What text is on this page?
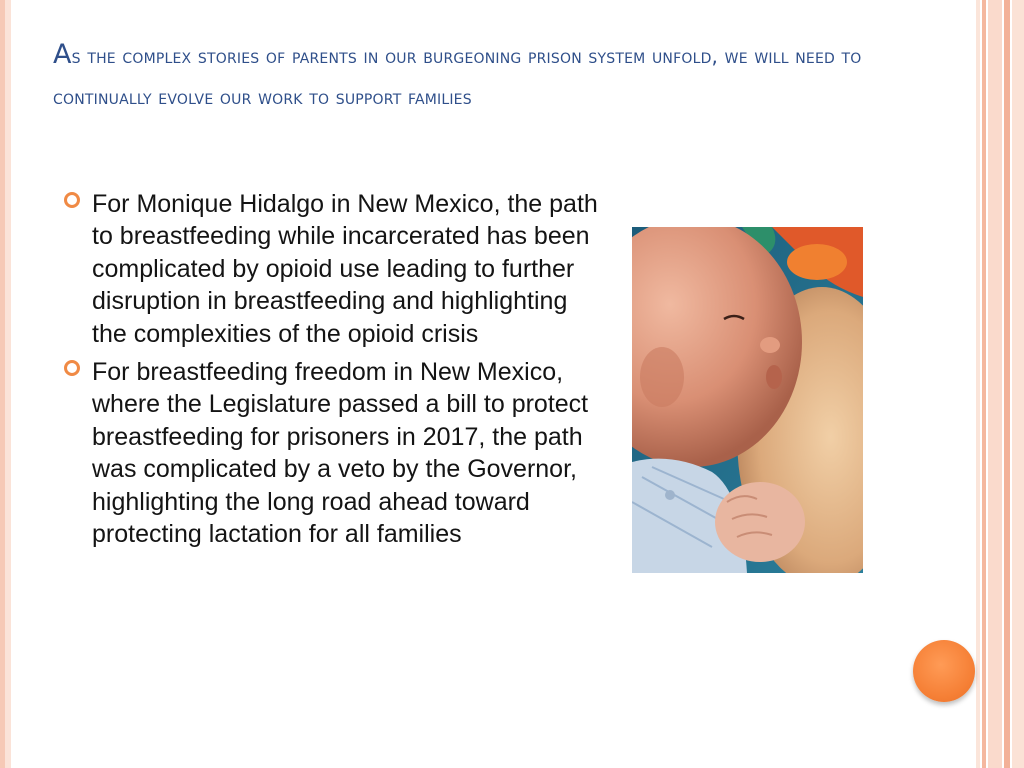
As the complex stories of parents in our burgeoning prison system unfold, we will need to continually evolve our work to support families
For Monique Hidalgo in New Mexico, the path to breastfeeding while incarcerated has been complicated by opioid use leading to further disruption in breastfeeding and highlighting the complexities of the opioid crisis
For breastfeeding freedom in New Mexico, where the Legislature passed a bill to protect breastfeeding for prisoners in 2017, the path was complicated by a veto by the Governor, highlighting the long road ahead toward protecting lactation for all families
